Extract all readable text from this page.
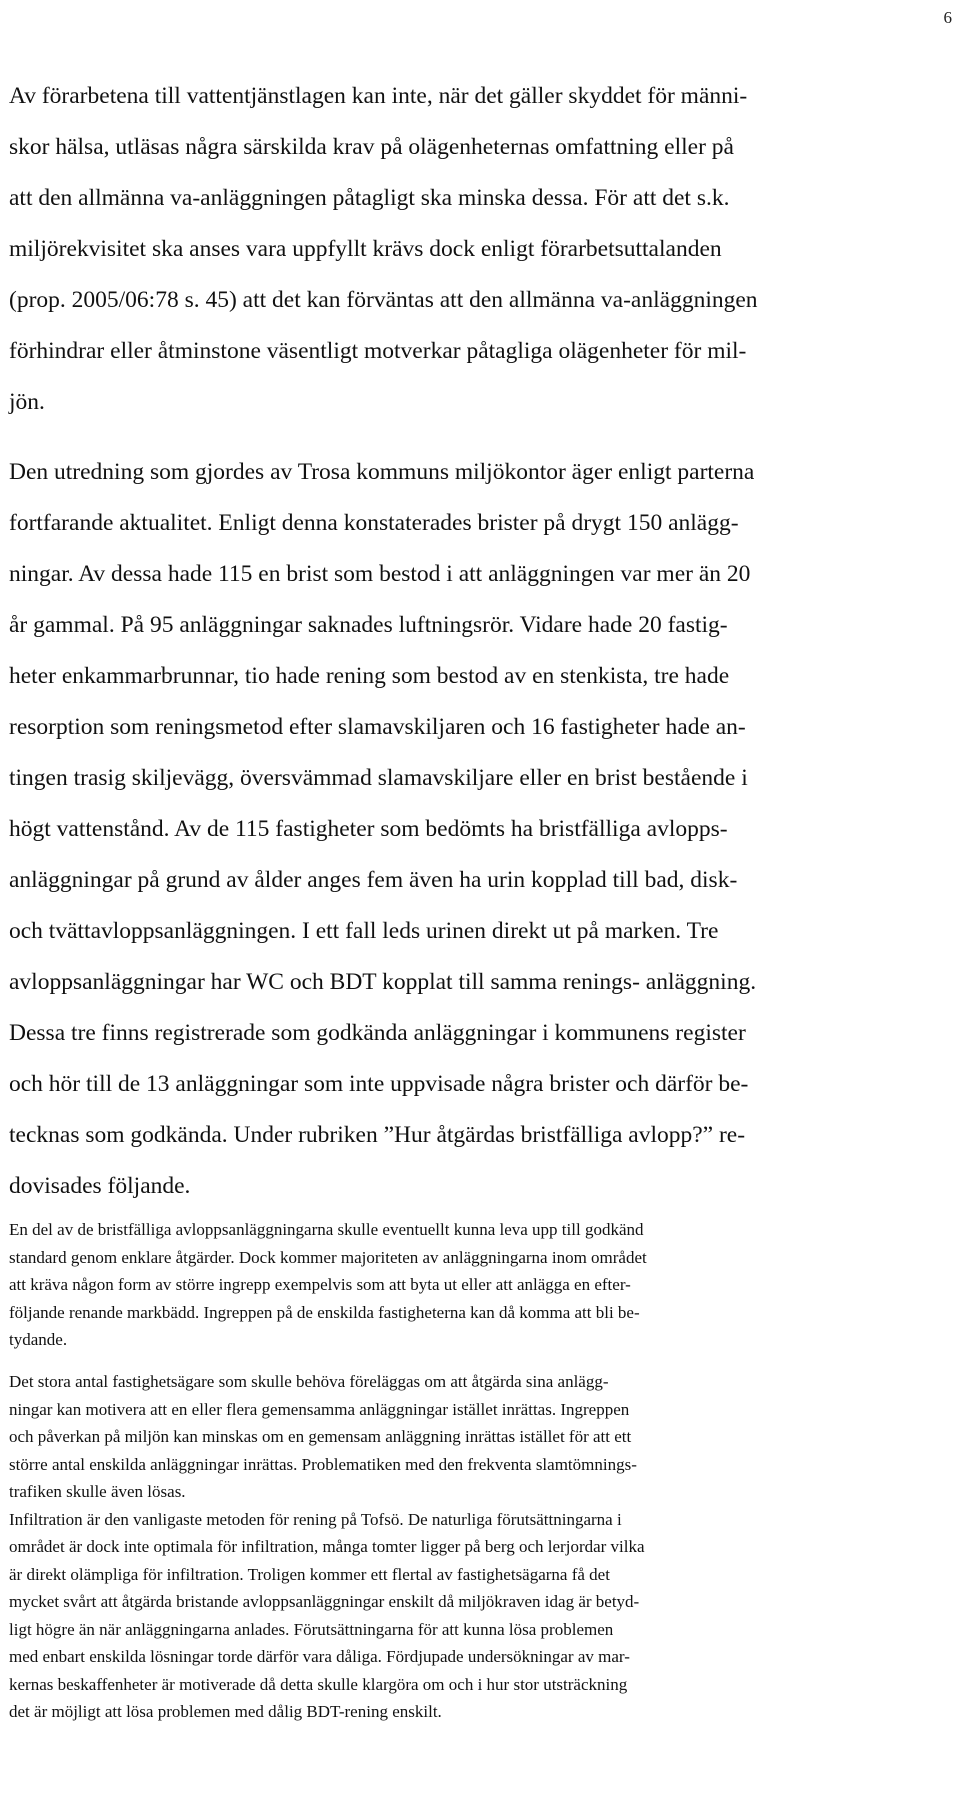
6
Av förarbetena till vattentjänstlagen kan inte, när det gäller skyddet för männi-
skor hälsa, utläsas några särskilda krav på olägenheternas omfattning eller på
att den allmänna va-anläggningen påtagligt ska minska dessa. För att det s.k.
miljörekvisitet ska anses vara uppfyllt krävs dock enligt förarbetsuttalanden
(prop. 2005/06:78 s. 45) att det kan förväntas att den allmänna va-anläggningen
förhindrar eller åtminstone väsentligt motverkar påtagliga olägenheter för mil-
jön.
Den utredning som gjordes av Trosa kommuns miljökontor äger enligt parterna
fortfarande aktualitet. Enligt denna konstaterades brister på drygt 150 anlägg-
ningar. Av dessa hade 115 en brist som bestod i att anläggningen var mer än 20
år gammal. På 95 anläggningar saknades luftningsrör. Vidare hade 20 fastig-
heter enkammarbrunnar, tio hade rening som bestod av en stenkista, tre hade
resorption som reningsmetod efter slamavskiljaren och 16 fastigheter hade an-
tingen trasig skiljevägg, översvämmad slamavskiljare eller en brist bestående i
högt vattenstånd. Av de 115 fastigheter som bedömts ha bristfälliga avlopps-
anläggningar på grund av ålder anges fem även ha urin kopplad till bad, disk-
och tvättavloppsanläggningen. I ett fall leds urinen direkt ut på marken. Tre
avloppsanläggningar har WC och BDT kopplat till samma renings- anläggning.
Dessa tre finns registrerade som godkända anläggningar i kommunens register
och hör till de 13 anläggningar som inte uppvisade några brister och därför be-
tecknas som godkända. Under rubriken ”Hur åtgärdas bristfälliga avlopp?” re-
dovisades följande.
En del av de bristfälliga avloppsanläggningarna skulle eventuellt kunna leva upp till godkänd
standard genom enklare åtgärder. Dock kommer majoriteten av anläggningarna inom området
att kräva någon form av större ingrepp exempelvis som att byta ut eller att anlägga en efter-
följande renande markbädd. Ingreppen på de enskilda fastigheterna kan då komma att bli be-
tydande.
Det stora antal fastighetsägare som skulle behöva föreläggas om att åtgärda sina anlägg-
ningar kan motivera att en eller flera gemensamma anläggningar istället inrättas. Ingreppen
och påverkan på miljön kan minskas om en gemensam anläggning inrättas istället för att ett
större antal enskilda anläggningar inrättas. Problematiken med den frekventa slamtömnings-
trafiken skulle även lösas.
Infiltration är den vanligaste metoden för rening på Tofsö. De naturliga förutsättningarna i
området är dock inte optimala för infiltration, många tomter ligger på berg och lerjordar vilka
är direkt olämpliga för infiltration. Troligen kommer ett flertal av fastighetsägarna få det
mycket svårt att åtgärda bristande avloppsanläggningar enskilt då miljökraven idag är betyd-
ligt högre än när anläggningarna anlades. Förutsättningarna för att kunna lösa problemen
med enbart enskilda lösningar torde därför vara dåliga. Fördjupade undersökningar av mar-
kernas beskaffenheter är motiverade då detta skulle klargöra om och i hur stor utsträckning
det är möjligt att lösa problemen med dålig BDT-rening enskilt.
